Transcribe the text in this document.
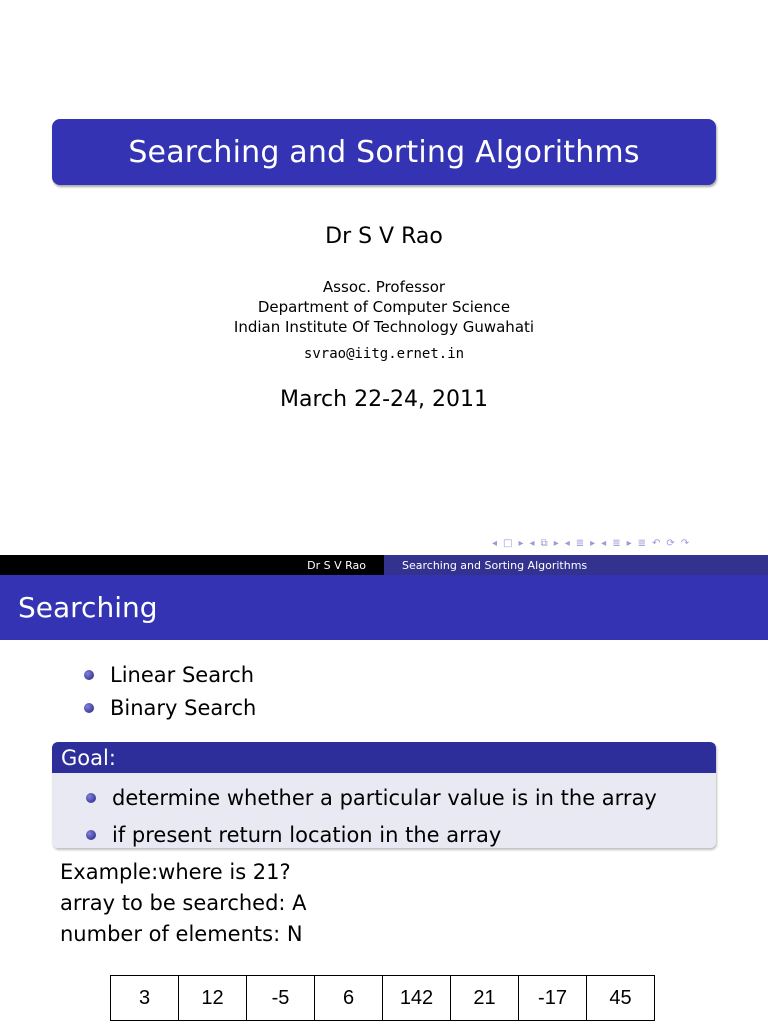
Searching and Sorting Algorithms
Dr S V Rao
Assoc. Professor
Department of Computer Science
Indian Institute Of Technology Guwahati
svrao@iitg.ernet.in
March 22-24, 2011
◂ □ ▸ ◂ ⧉ ▸ ◂ ≣ ▸ ◂ ≣ ▸ ≣ ↶ ⟳ ↷
Dr S V Rao	Searching and Sorting Algorithms
Searching
Linear Search
Binary Search
Goal:
determine whether a particular value is in the array
if present return location in the array
Example:where is 21?
array to be searched: A
number of elements: N
3	12	-5	6	142	21	-17	45
